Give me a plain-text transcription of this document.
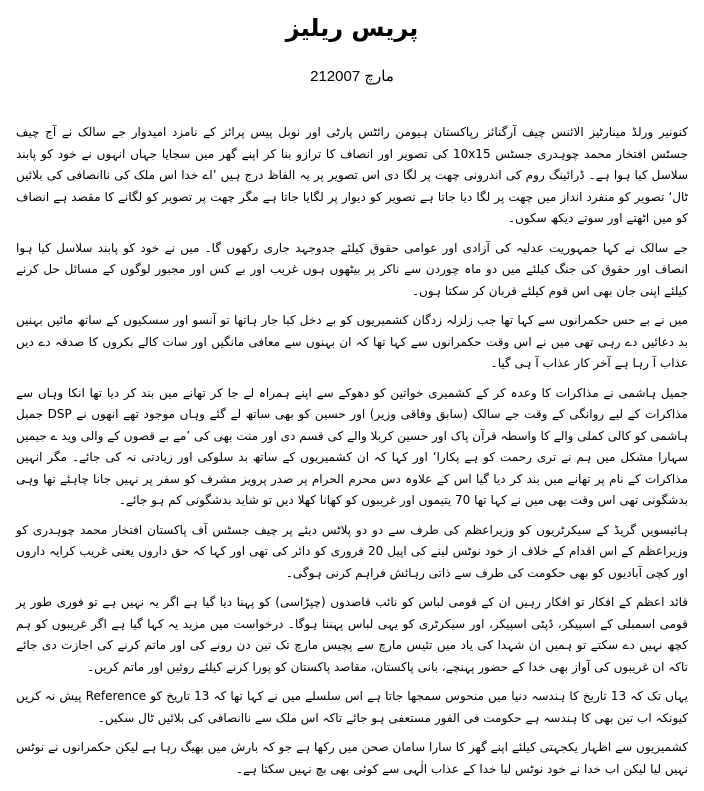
پریس ریلیز
21مارچ 2007

کنونیر ورلڈ مینارٹیز الائنس چیف آرگنائز رپاکستان ہیومن رائٹس پارٹی اور نوبل پیس پرائز کے نامزد امیدوار جے سالک نے آج چیف جسٹس افتخار محمد چوہدری جسٹس 10x15 کی تصویر اور انصاف کا ترازو بنا کر اپنے گھر میں سجایا جہاں انہوں نے خود کو پابند سلاسل کیا ہوا ہے۔ ڈرائینگ روم کی اندرونی چھت پر لگا دی اس تصویر پر یہ الفاظ درج ہیں ’اے خدا اس ملک کی ناانصافی کی بلائیں ٹال‘ تصویر کو منفرد انداز میں چھت پر لگا دیا جاتا ہے تصویر کو دیوار پر لگایا جاتا ہے مگر چھت پر تصویر کو لگانے کا مقصد ہے انصاف کو میں اٹھتے اور سوتے دیکھ سکوں۔

جے سالک نے کہا جمہوریت عدلیہ کی آزادی اور عوامی حقوق کیلئے جدوجہد جاری رکھوں گا۔ میں نے خود کو پابند سلاسل کیا ہوا انصاف اور حقوق کی جنگ کیلئے میں دو ماہ چوردن سے ناکر پر بیٹھوں ہوں غریب اور بے کس اور مجبور لوگوں کے مسائل حل کرنے کیلئے اپنی جان بھی اس قوم کیلئے قربان کر سکتا ہوں۔

میں نے بے حس حکمرانوں سے کہا تھا جب زلزلہ زدگان کشمیریوں کو بے دخل کیا جار ہاتھا تو آنسو اور سسکیوں کے ساتھ مائیں بہنیں بد دعائیں دے رہی تھی میں نے اس وقت حکمرانوں سے کہا تھا کہ ان بہنوں سے معافی مانگیں اور سات کالے بکروں کا صدقہ دے دیں عذاب آ رہا ہے آخر کار عذاب آ ہی گیا۔

جمیل ہاشمی نے مذاکرات کا وعدہ کر کے کشمیری خواتین کو دھوکے سے اپنے ہمراہ لے جا کر تھانے میں بند کر دیا تھا انکا وہاں سے مذاکرات کے لیے روانگی کے وقت جے سالک (سابق وفاقی وزیر) اور حسین کو بھی ساتھ لے گئے وہاں موجود تھے انھوں نے DSP جمیل ہاشمی کو کالی کملی والے کا واسطہ قرآن پاک اور حسین کربلا والے کی قسم دی اور منت بھی کی ’مے بے قصوں کے والی وید ے جیمیں سہارا مشکل میں ہم نے تری رحمت کو ہے پکارا‘ اور کہا کہ ان کشمیریوں کے ساتھ بد سلوکی اور زیادتی نہ کی جائے۔ مگر انہیں مذاکرات کے نام پر تھانے میں بند کر دیا گیا اس کے علاوہ دس محرم الحرام پر صدر پرویز مشرف کو سفر پر نہیں جانا چاہئے تھا وہی بدشگونی تھی اس وقت بھی میں نے کہا تھا 70 یتیموں اور غریبوں کو کھانا کھلا دیں تو شاید بدشگونی کم ہو جائے۔

ہائیسویں گریڈ کے سیکرٹریوں کو وزیراعظم کی طرف سے دو دو پلاٹس دیئے پر چیف جسٹس آف پاکستان افتخار محمد چوہدری کو وزیراعظم کے اس اقدام کے خلاف از خود نوٹس لینے کی اپیل 20 فروری کو دائر کی تھی اور کہا کہ حق داروں یعنی غریب کرایہ داروں اور کچی آبادیوں کو بھی حکومت کی طرف سے ذاتی رہائش فراہم کرنی ہوگی۔

قائد اعظم کے افکار تو افکار رہیں ان کے قومی لباس کو نائب قاصدوں (چپڑاسی) کو پہنا دیا گیا ہے اگر یہ نہیں ہے تو فوری طور پر قومی اسمبلی کے اسپیکر، ڈپٹی اسپیکر، اور سیکرٹری کو یہی لباس پہننا ہوگا۔ درخواست میں مزید یہ کہا گیا ہے اگر غریبوں کو ہم کچھ نہیں دے سکتے تو ہمیں ان شہدا کی یاد میں تئیس مارچ سے پچیس مارچ تک تین دن رونے کی اور ماتم کرنے کی اجازت دی جائے تاکہ ان غریبوں کی آواز بھی خدا کے حضور پہنچے، بانی پاکستان، مقاصد پاکستان کو پورا کرنے کیلئے روئیں اور ماتم کریں۔

یہاں تک کہ 13 تاریخ کا ہندسہ دنیا میں منحوس سمجھا جاتا ہے اس سلسلے میں نے کہا تھا کہ 13 تاریخ کو Reference پیش نہ کریں کیونکہ اب تین بھی کا ہندسہ ہے حکومت فی الفور مستعفی ہو جائے تاکہ اس ملک سے ناانصافی کی بلائیں ٹال سکیں۔

کشمیریوں سے اظہار یکجہتی کیلئے اپنے گھر کا سارا سامان صحن میں رکھا ہے جو کہ بارش میں بھیگ رہا ہے لیکن حکمرانوں نے نوٹس نہیں لیا لیکن اب خدا نے خود نوٹس لیا خدا کے عذاب الٰہی سے کوئی بھی بچ نہیں سکتا ہے۔
